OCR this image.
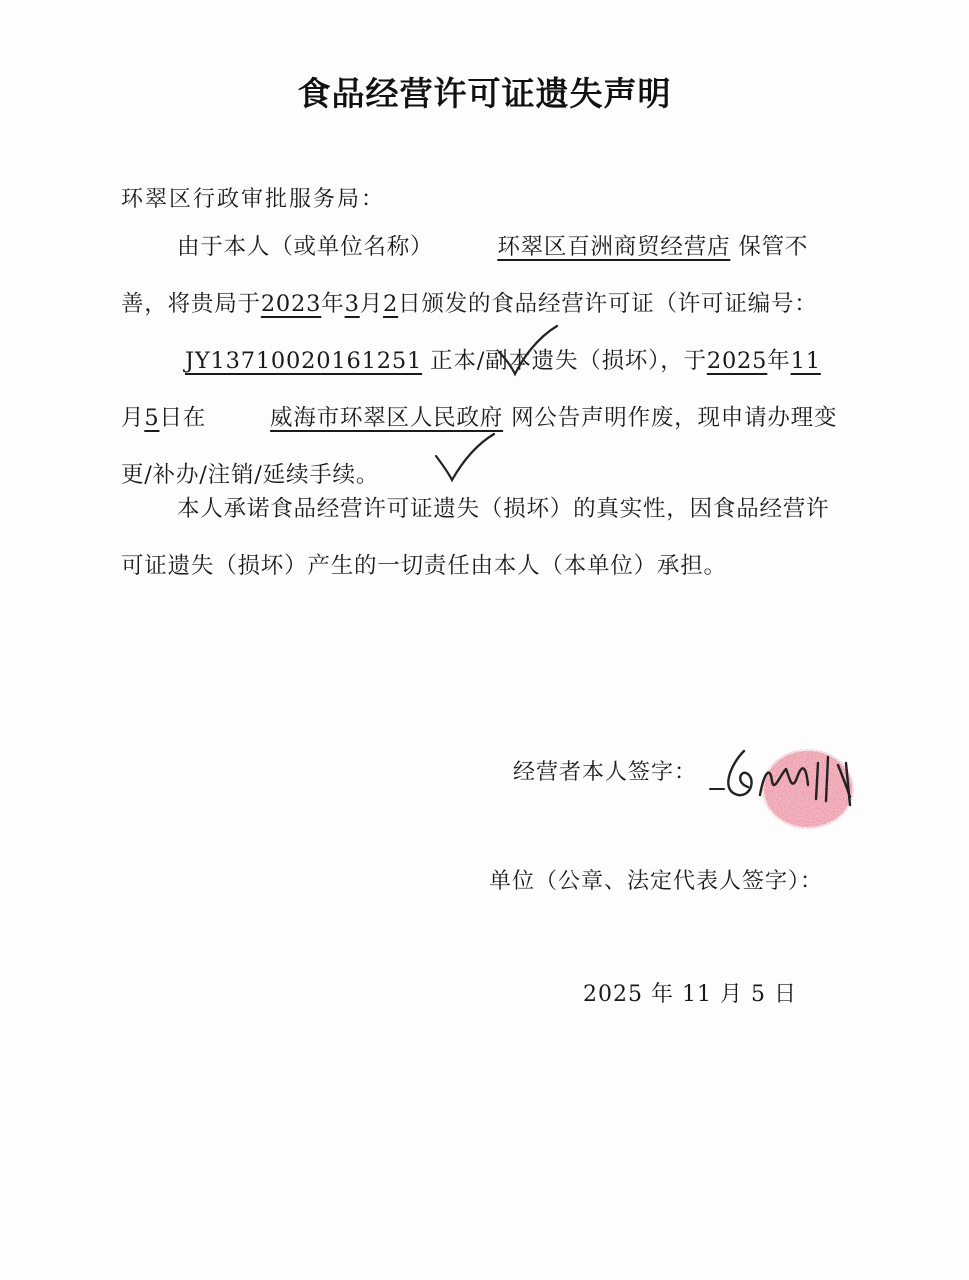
食品经营许可证遗失声明
环翠区行政审批服务局：

由于本人（或单位名称）	环翠区百洲商贸经营店 保管不善，将贵局于2023年3月2日颁发的食品经营许可证（许可证编号：JY13710020161251 正本/副本遗失（损坏），于2025年11月5日在	威海市环翠区人民政府 网公告声明作废，现申请办理变更/补办/注销/延续手续。

本人承诺食品经营许可证遗失（损坏）的真实性，因食品经营许可证遗失（损坏）产生的一切责任由本人（本单位）承担。

经营者本人签字：
单位（公章、法定代表人签字）：
2025 年 11 月 5 日
